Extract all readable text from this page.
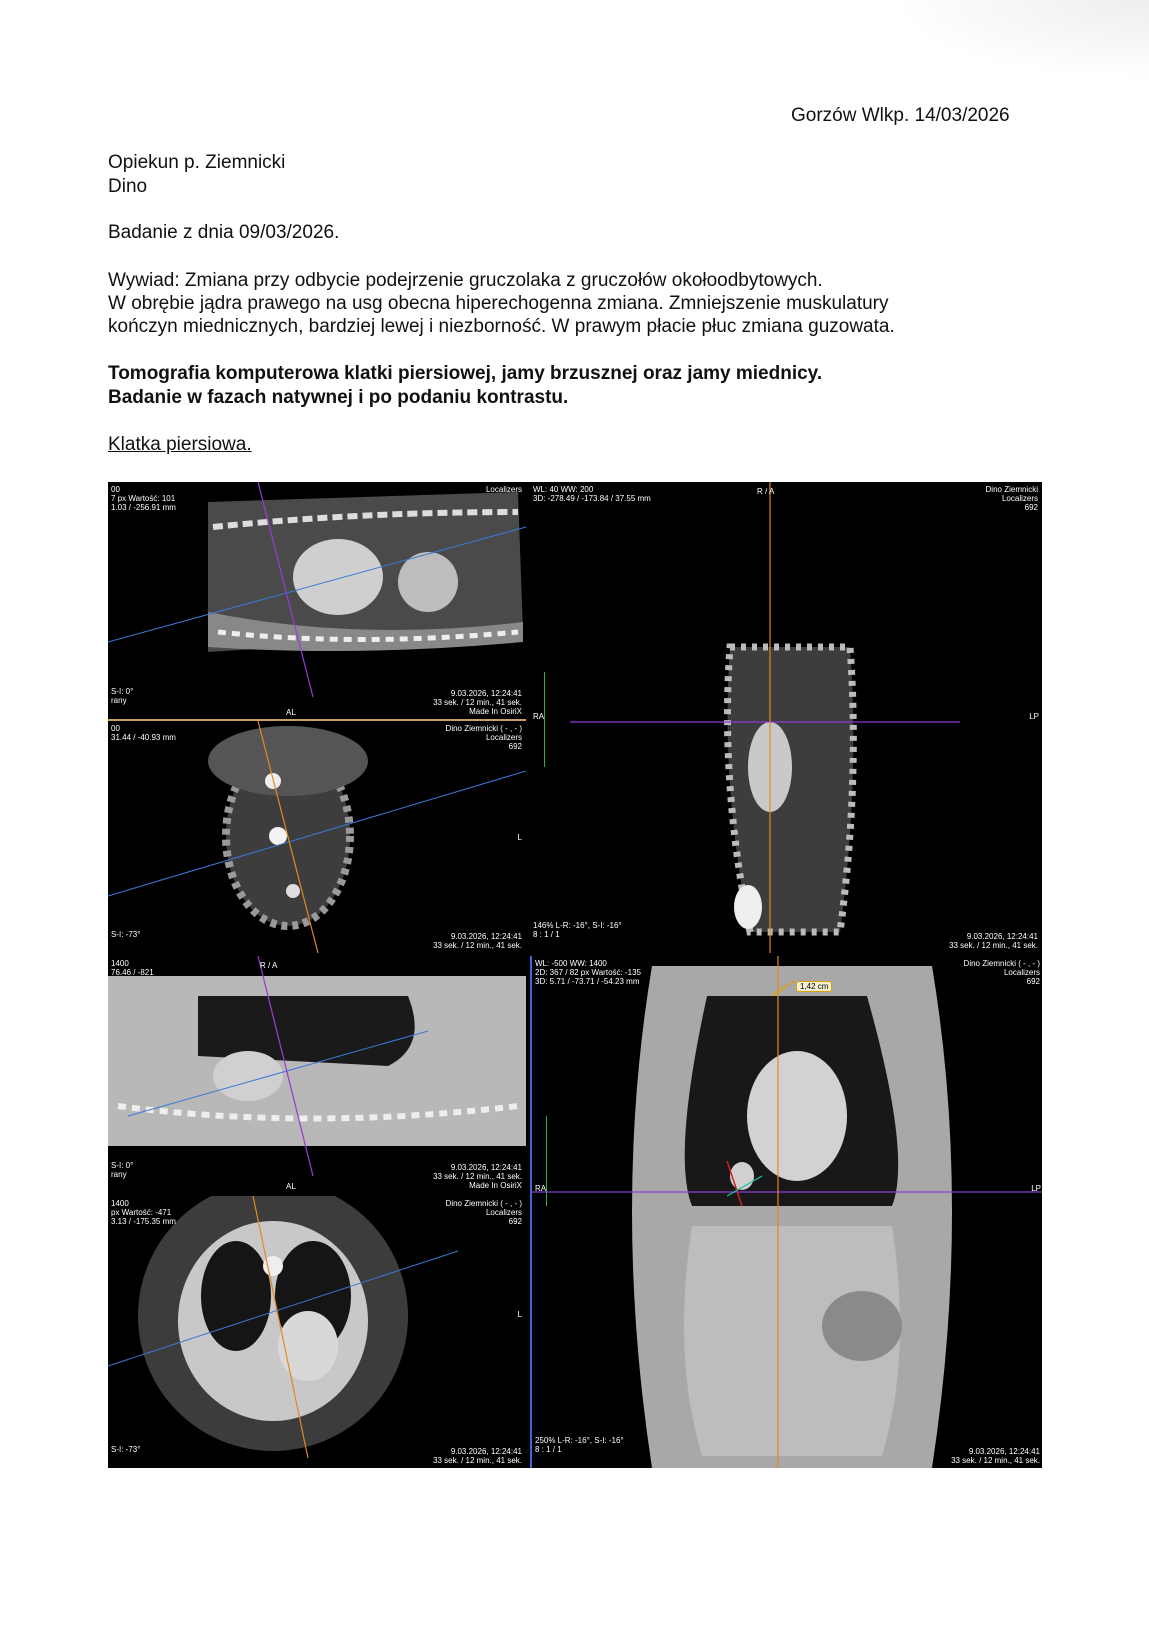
Gorzów Wlkp. 14/03/2026
Opiekun p. Ziemnicki
Dino
Badanie z dnia 09/03/2026.
Wywiad: Zmiana przy odbycie podejrzenie gruczolaka z gruczołów okołoodbytowych.
W obrębie jądra prawego na usg obecna hiperechogenna zmiana. Zmniejszenie muskulatury
kończyn miednicznych, bardziej lewej i niezborność. W prawym płacie płuc zmiana guzowata.
Tomografia komputerowa klatki piersiowej, jamy brzusznej oraz jamy miednicy.
Badanie w fazach natywnej i po podaniu kontrastu.
Klatka piersiowa.
00
7 px Wartość: 101
1.03 / -256.91 mm
Localizers
S-I: 0°
rany
9.03.2026, 12:24:41
33 sek. / 12 min., 41 sek.
Made In OsiriX
AL
00
31.44 / -40.93 mm
Dino Ziemnicki ( - , - )
Localizers
692
S-I: -73°	9.03.2026, 12:24:41
33 sek. / 12 min., 41 sek.
L
WL: 40 WW: 200
3D: -278.49 / -173.84 / 37.55 mm
Dino Ziemnicki
Localizers
692
R / A
RA	LP
146% L-R: -16°, S-I: -16°
8 : 1 / 1	9.03.2026, 12:24:41
33 sek. / 12 min., 41 sek.
1400
76.46 / -821
R / A
S-I: 0°
rany
9.03.2026, 12:24:41
33 sek. / 12 min., 41 sek.
Made In OsiriX
AL
1400
px Wartość: -471
3.13 / -175.35 mm
Dino Ziemnicki ( - , - )
Localizers
692
S-I: -73°	9.03.2026, 12:24:41
33 sek. / 12 min., 41 sek.
L
1,42 cm
WL: -500 WW: 1400
2D: 367 / 82 px Wartość: -135
3D: 5.71 / -73.71 / -54.23 mm
Dino Ziemnicki ( - , - )
Localizers
692
RA	LP
250% L-R: -16°, S-I: -16°
8 : 1 / 1	9.03.2026, 12:24:41
33 sek. / 12 min., 41 sek.
